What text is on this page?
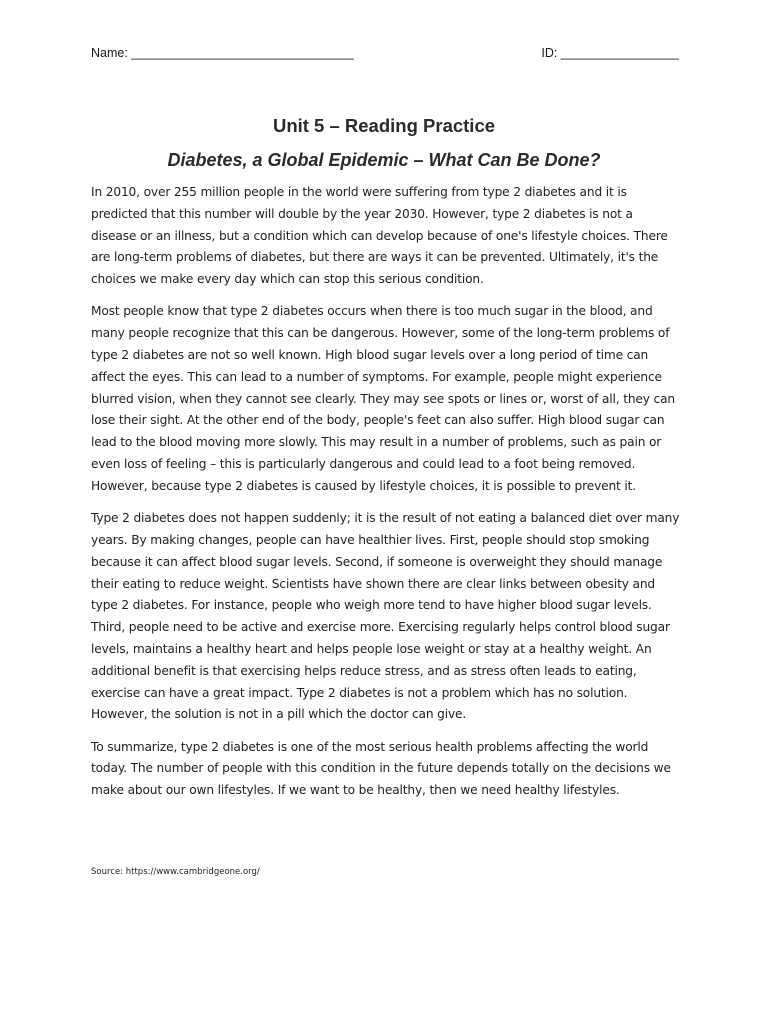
Name: ________________________________	ID: _________________
Unit 5 – Reading Practice
Diabetes, a Global Epidemic – What Can Be Done?

In 2010, over 255 million people in the world were suffering from type 2 diabetes and it is predicted that this number will double by the year 2030. However, type 2 diabetes is not a disease or an illness, but a condition which can develop because of one's lifestyle choices. There are long-term problems of diabetes, but there are ways it can be prevented. Ultimately, it's the choices we make every day which can stop this serious condition.

Most people know that type 2 diabetes occurs when there is too much sugar in the blood, and many people recognize that this can be dangerous. However, some of the long-term problems of type 2 diabetes are not so well known. High blood sugar levels over a long period of time can affect the eyes. This can lead to a number of symptoms. For example, people might experience blurred vision, when they cannot see clearly. They may see spots or lines or, worst of all, they can lose their sight. At the other end of the body, people's feet can also suffer. High blood sugar can lead to the blood moving more slowly. This may result in a number of problems, such as pain or even loss of feeling – this is particularly dangerous and could lead to a foot being removed. However, because type 2 diabetes is caused by lifestyle choices, it is possible to prevent it.

Type 2 diabetes does not happen suddenly; it is the result of not eating a balanced diet over many years. By making changes, people can have healthier lives. First, people should stop smoking because it can affect blood sugar levels. Second, if someone is overweight they should manage their eating to reduce weight. Scientists have shown there are clear links between obesity and type 2 diabetes. For instance, people who weigh more tend to have higher blood sugar levels. Third, people need to be active and exercise more. Exercising regularly helps control blood sugar levels, maintains a healthy heart and helps people lose weight or stay at a healthy weight. An additional benefit is that exercising helps reduce stress, and as stress often leads to eating, exercise can have a great impact. Type 2 diabetes is not a problem which has no solution. However, the solution is not in a pill which the doctor can give.

To summarize, type 2 diabetes is one of the most serious health problems affecting the world today. The number of people with this condition in the future depends totally on the decisions we make about our own lifestyles. If we want to be healthy, then we need healthy lifestyles.

Source: https://www.cambridgeone.org/
